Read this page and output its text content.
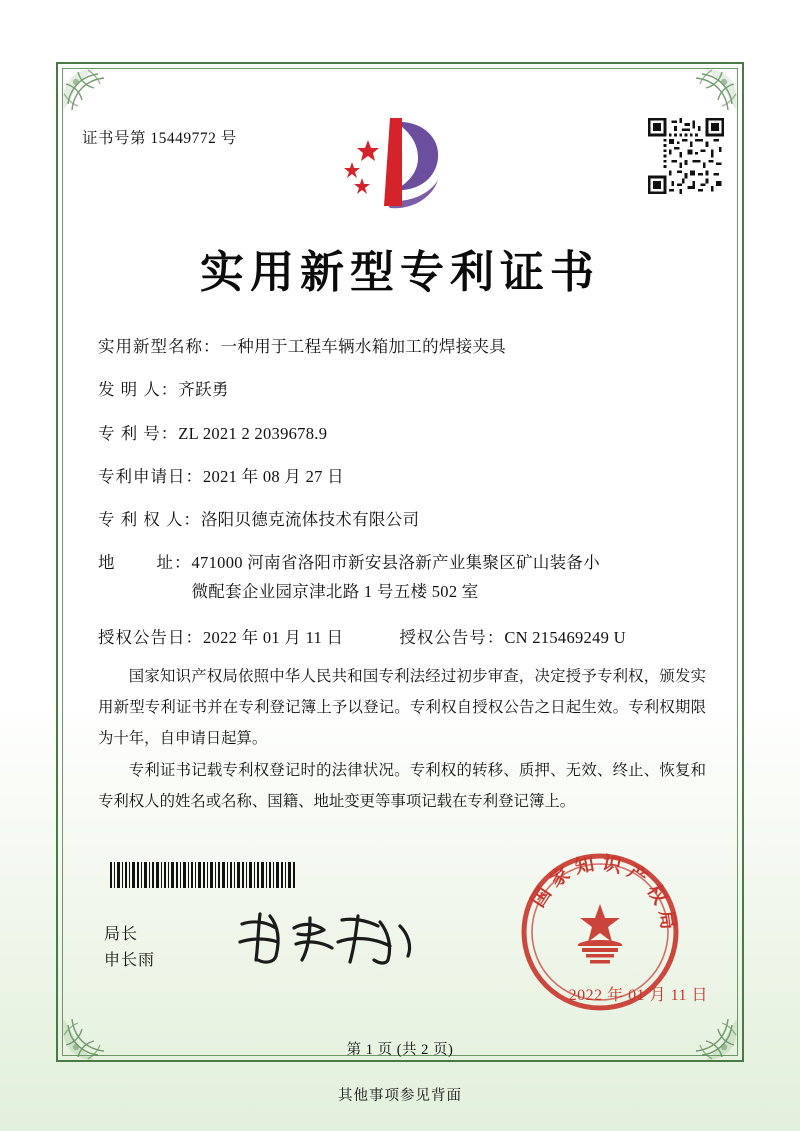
证书号第 15449772 号
实用新型专利证书
实用新型名称： 一种用于工程车辆水箱加工的焊接夹具
发 明 人： 齐跃勇
专 利 号： ZL 2021 2 2039678.9
专利申请日： 2021 年 08 月 27 日
专 利 权 人： 洛阳贝德克流体技术有限公司
地        址： 471000 河南省洛阳市新安县洛新产业集聚区矿山装备小
微配套企业园京津北路 1 号五楼 502 室
授权公告日： 2022 年 01 月 11 日	授权公告号： CN 215469249 U

国家知识产权局依照中华人民共和国专利法经过初步审查，决定授予专利权，颁发实用新型专利证书并在专利登记簿上予以登记。专利权自授权公告之日起生效。专利权期限为十年，自申请日起算。

专利证书记载专利权登记时的法律状况。专利权的转移、质押、无效、终止、恢复和专利权人的姓名或名称、国籍、地址变更等事项记载在专利登记簿上。

局长
申长雨
国家知识产权局
2022 年 01 月 11 日
第 1 页 (共 2 页)
其他事项参见背面
